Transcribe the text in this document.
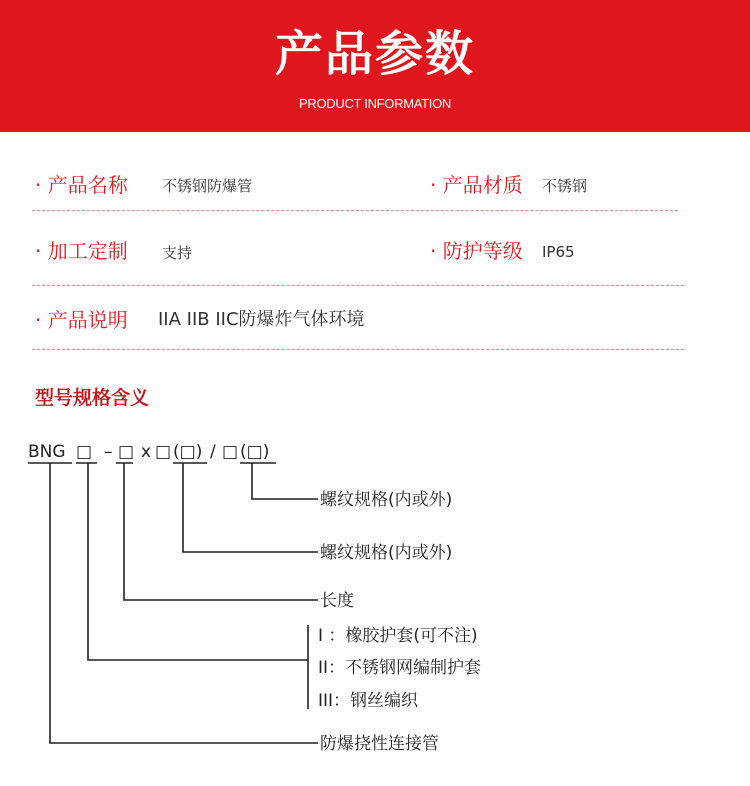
产品参数
PRODUCT INFORMATION
· 产品名称 不锈钢防爆管	· 产品材质 不锈钢
· 加工定制 支持	· 防护等级 IP65
· 产品说明 IIA IIB IIC防爆炸气体环境
型号规格含义
BNG □ – □ x □ (□) / □ (□)
螺纹规格(内或外)
螺纹规格(内或外)
长度
I ：橡胶护套(可不注)
II：不锈钢网编制护套
III：钢丝编织
防爆挠性连接管
